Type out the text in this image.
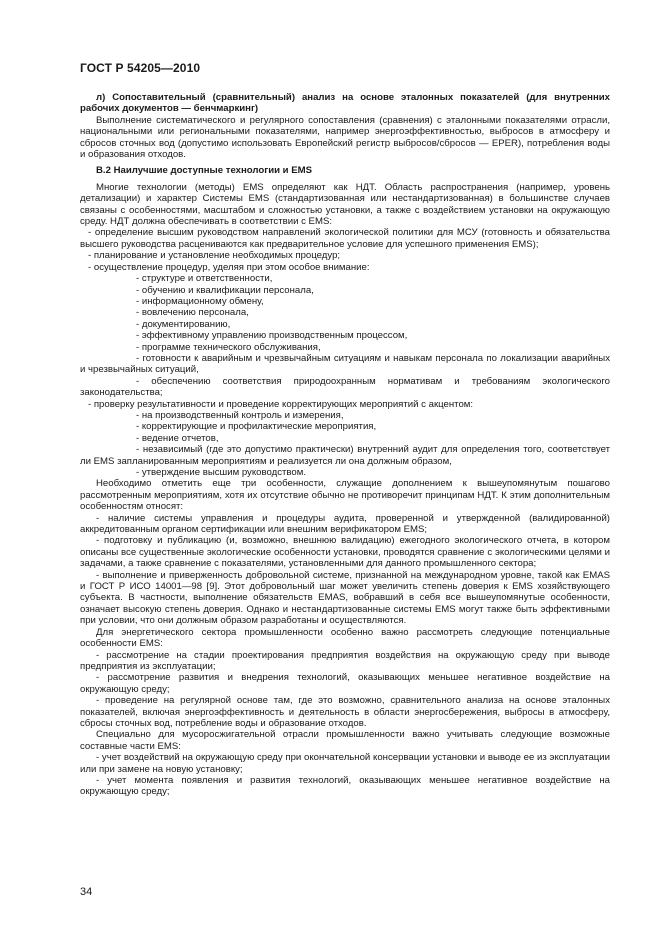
ГОСТ Р 54205—2010

л) Сопоставительный (сравнительный) анализ на основе эталонных показателей (для внутренних рабочих документов — бенчмаркинг)

Выполнение систематического и регулярного сопоставления (сравнения) с эталонными показателями отрасли, национальными или региональными показателями, например энергоэффективностью, выбросов в атмосферу и сбросов сточных вод (допустимо использовать Европейский регистр выбросов/сбросов — EPER), потребления воды и образования отходов.

В.2 Наилучшие доступные технологии и EMS

Многие технологии (методы) EMS определяют как НДТ. Область распространения (например, уровень детализации) и характер Системы EMS (стандартизованная или нестандартизованная) в большинстве случаев связаны с особенностями, масштабом и сложностью установки, а также с воздействием установки на окружающую среду. НДТ должна обеспечивать в соответствии с EMS:

- определение высшим руководством направлений экологической политики для МСУ (готовность и обязательства высшего руководства расцениваются как предварительное условие для успешного применения EMS);

- планирование и установление необходимых процедур;

- осуществление процедур, уделяя при этом особое внимание:

- структуре и ответственности,

- обучению и квалификации персонала,

- информационному обмену,

- вовлечению персонала,

- документированию,

- эффективному управлению производственным процессом,

- программе технического обслуживания,

- готовности к аварийным и чрезвычайным ситуациям и навыкам персонала по локализации аварийных и чрезвычайных ситуаций,

- обеспечению соответствия природоохранным нормативам и требованиям экологического законодательства;

- проверку результативности и проведение корректирующих мероприятий с акцентом:

- на производственный контроль и измерения,

- корректирующие и профилактические мероприятия,

- ведение отчетов,

- независимый (где это допустимо практически) внутренний аудит для определения того, соответствует ли EMS запланированным мероприятиям и реализуется ли она должным образом,

- утверждение высшим руководством.

Необходимо отметить еще три особенности, служащие дополнением к вышеупомянутым пошагово рассмотренным мероприятиям, хотя их отсутствие обычно не противоречит принципам НДТ. К этим дополнительным особенностям относят:

- наличие системы управления и процедуры аудита, проверенной и утвержденной (валидированной) аккредитованным органом сертификации или внешним верификатором EMS;

- подготовку и публикацию (и, возможно, внешнюю валидацию) ежегодного экологического отчета, в котором описаны все существенные экологические особенности установки, проводятся сравнение с экологическими целями и задачами, а также сравнение с показателями, установленными для данного промышленного сектора;

- выполнение и приверженность добровольной системе, признанной на международном уровне, такой как EMAS и ГОСТ Р ИСО 14001—98 [9]. Этот добровольный шаг может увеличить степень доверия к EMS хозяйствующего субъекта. В частности, выполнение обязательств EMAS, вобравший в себя все вышеупомянутые особенности, означает высокую степень доверия. Однако и нестандартизованные системы EMS могут также быть эффективными при условии, что они должным образом разработаны и осуществляются.

Для энергетического сектора промышленности особенно важно рассмотреть следующие потенциальные особенности EMS:

- рассмотрение на стадии проектирования предприятия воздействия на окружающую среду при выводе предприятия из эксплуатации;

- рассмотрение развития и внедрения технологий, оказывающих меньшее негативное воздействие на окружающую среду;

- проведение на регулярной основе там, где это возможно, сравнительного анализа на основе эталонных показателей, включая энергоэффективность и деятельность в области энергосбережения, выбросы в атмосферу, сбросы сточных вод, потребление воды и образование отходов.

Специально для мусоросжигательной отрасли промышленности важно учитывать следующие возможные составные части EMS:

- учет воздействий на окружающую среду при окончательной консервации установки и выводе ее из эксплуатации или при замене на новую установку;

- учет момента появления и развития технологий, оказывающих меньшее негативное воздействие на окружающую среду;

34
